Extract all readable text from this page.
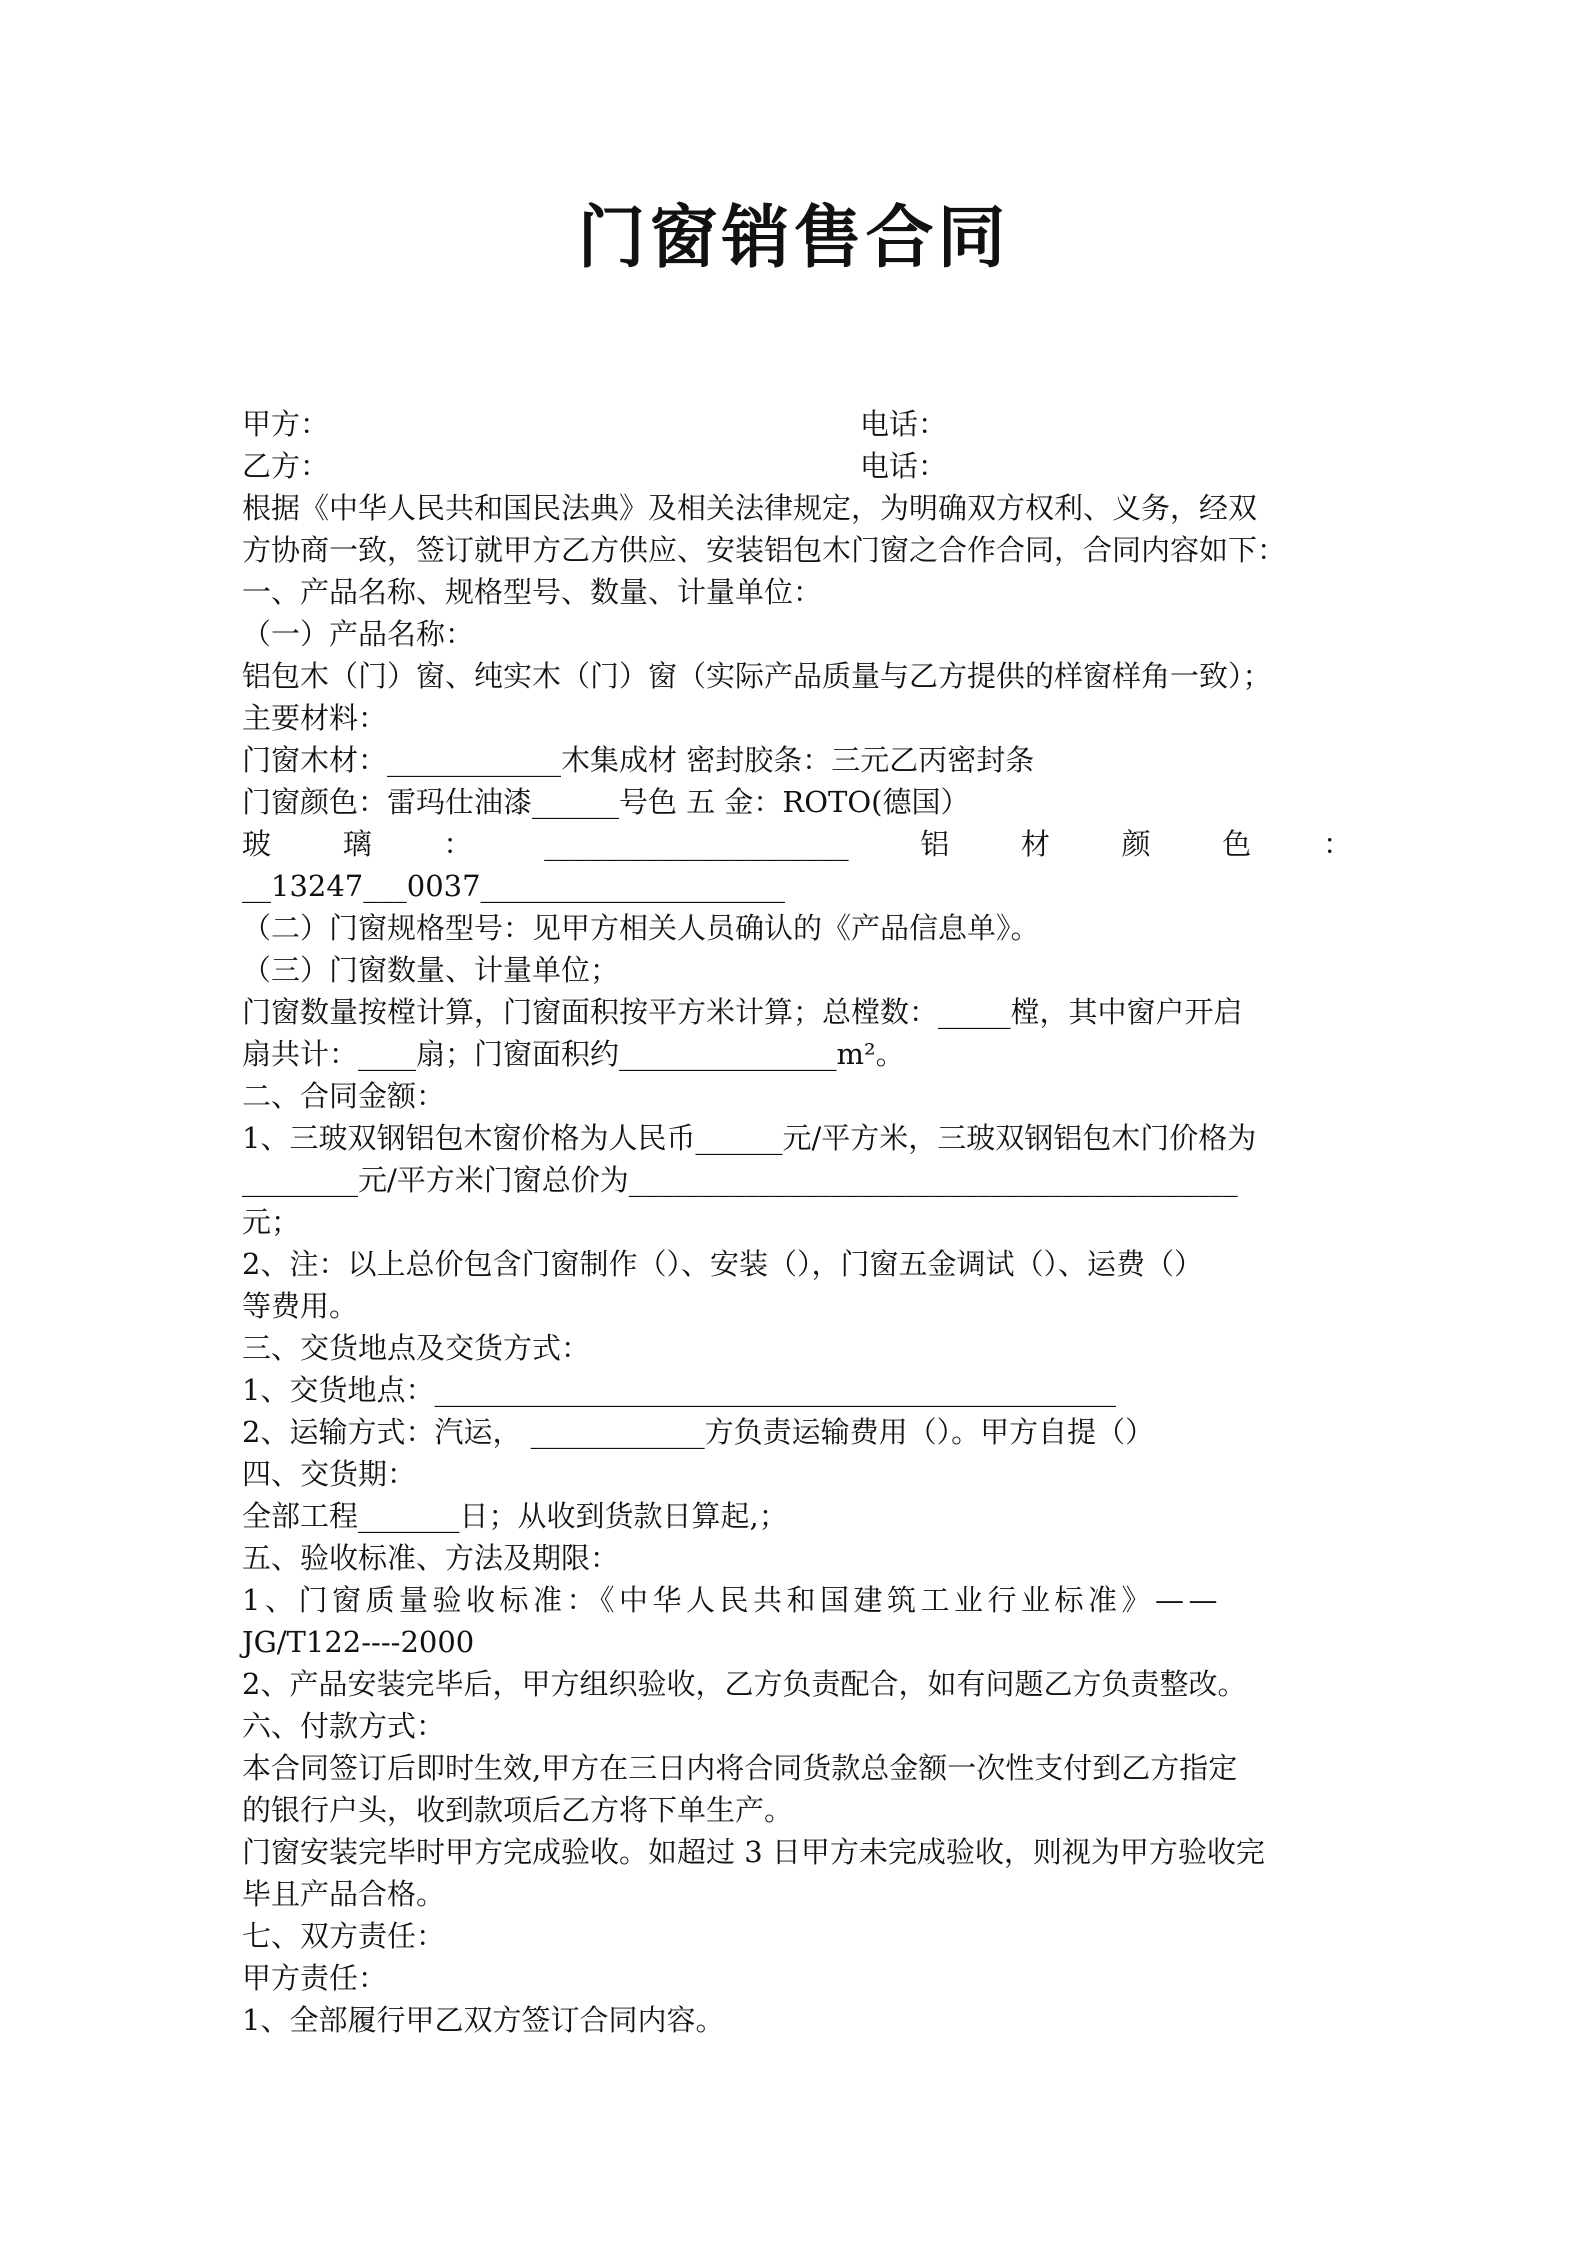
门窗销售合同
甲方：	电话：
乙方：	电话：
根据《中华人民共和国民法典》及相关法律规定，为明确双方权利、义务，经双
方协商一致，签订就甲方乙方供应、安装铝包木门窗之合作合同，合同内容如下：
一、产品名称、规格型号、数量、计量单位：
（一）产品名称：
铝包木（门）窗、纯实木（门）窗（实际产品质量与乙方提供的样窗样角一致）；
主要材料：
门窗木材：____________木集成材 密封胶条：三元乙丙密封条
门窗颜色：雷玛仕油漆______号色 五 金：ROTO(德国）
玻 璃 ： _____________________ 铝 材 颜 色 ：
__13247___0037_____________________
（二）门窗规格型号：见甲方相关人员确认的《产品信息单》。
（三）门窗数量、计量单位；
门窗数量按樘计算，门窗面积按平方米计算；总樘数：_____樘，其中窗户开启
扇共计：____扇；门窗面积约_______________m²。
二、合同金额：
1、三玻双钢铝包木窗价格为人民币______元/平方米，三玻双钢铝包木门价格为
________元/平方米门窗总价为__________________________________________
元；
2、注：以上总价包含门窗制作（）、安装（），门窗五金调试（）、运费（）
等费用。
三、交货地点及交货方式：
1、交货地点：_______________________________________________
2、运输方式：汽运， ____________方负责运输费用（）。甲方自提（）
四、交货期：
全部工程_______日；从收到货款日算起,；
五、验收标准、方法及期限：
1、门窗质量验收标准：《中华人民共和国建筑工业行业标准》——
JG/T122----2000
2、产品安装完毕后，甲方组织验收，乙方负责配合，如有问题乙方负责整改。
六、付款方式：
本合同签订后即时生效,甲方在三日内将合同货款总金额一次性支付到乙方指定
的银行户头，收到款项后乙方将下单生产。
门窗安装完毕时甲方完成验收。如超过 3 日甲方未完成验收，则视为甲方验收完
毕且产品合格。
七、双方责任：
甲方责任：
1、全部履行甲乙双方签订合同内容。
